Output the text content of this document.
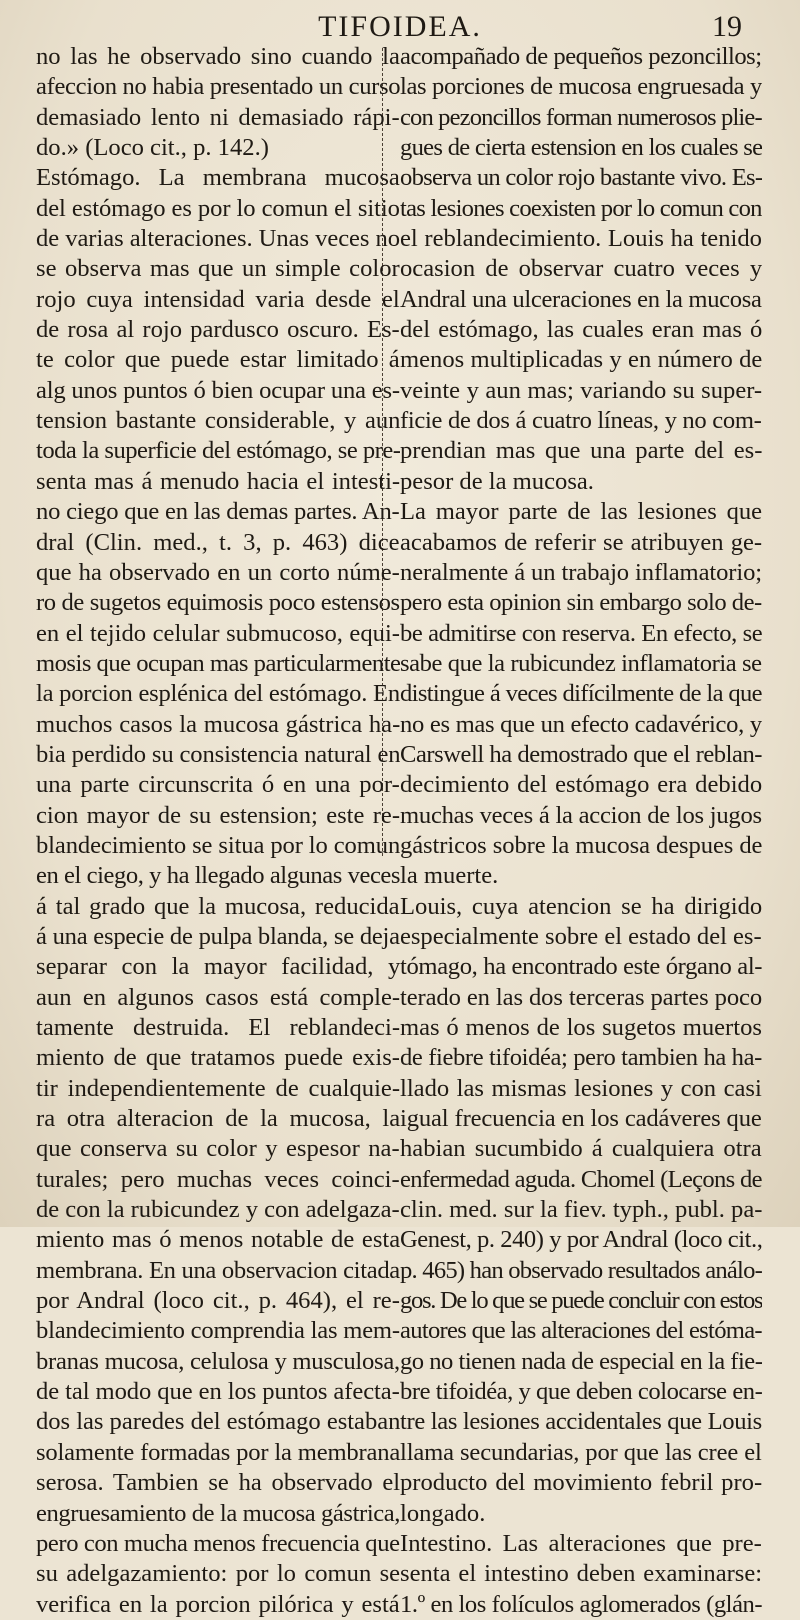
TIFOIDEA.	19
no las he observado sino cuando la
afeccion no habia presentado un curso
demasiado lento ni demasiado rápi-
do.» (Loco cit., p. 142.)
Estómago. La membrana mucosa
del estómago es por lo comun el sitio
de varias alteraciones. Unas veces no
se observa mas que un simple color
rojo cuya intensidad varia desde el
de rosa al rojo pardusco oscuro. Es-
te color que puede estar limitado á
alg unos puntos ó bien ocupar una es-
tension bastante considerable, y aun
toda la superficie del estómago, se pre-
senta mas á menudo hacia el intesti-
no ciego que en las demas partes. An-
dral (Clin. med., t. 3, p. 463) dice
que ha observado en un corto núme-
ro de sugetos equimosis poco estensos
en el tejido celular submucoso, equi-
mosis que ocupan mas particularmente
la porcion esplénica del estómago. En
muchos casos la mucosa gástrica ha-
bia perdido su consistencia natural en
una parte circunscrita ó en una por-
cion mayor de su estension; este re-
blandecimiento se situa por lo comun
en el ciego, y ha llegado algunas veces
á tal grado que la mucosa, reducida
á una especie de pulpa blanda, se deja
separar con la mayor facilidad, y
aun en algunos casos está comple-
tamente destruida. El reblandeci-
miento de que tratamos puede exis-
tir independientemente de cualquie-
ra otra alteracion de la mucosa, la
que conserva su color y espesor na-
turales; pero muchas veces coinci-
de con la rubicundez y con adelgaza-
miento mas ó menos notable de esta
membrana. En una observacion citada
por Andral (loco cit., p. 464), el re-
blandecimiento comprendia las mem-
branas mucosa, celulosa y musculosa,
de tal modo que en los puntos afecta-
dos las paredes del estómago estaban
solamente formadas por la membrana
serosa. Tambien se ha observado el
engruesamiento de la mucosa gástrica,
pero con mucha menos frecuencia que
su adelgazamiento: por lo comun se
verifica en la porcion pilórica y está
acompañado de pequeños pezoncillos;
las porciones de mucosa engruesada y
con pezoncillos forman numerosos plie-
gues de cierta estension en los cuales se
observa un color rojo bastante vivo. Es-
tas lesiones coexisten por lo comun con
el reblandecimiento. Louis ha tenido
ocasion de observar cuatro veces y
Andral una ulceraciones en la mucosa
del estómago, las cuales eran mas ó
menos multiplicadas y en número de
veinte y aun mas; variando su super-
ficie de dos á cuatro líneas, y no com-
prendian mas que una parte del es-
pesor de la mucosa.
La mayor parte de las lesiones que
acabamos de referir se atribuyen ge-
neralmente á un trabajo inflamatorio;
pero esta opinion sin embargo solo de-
be admitirse con reserva. En efecto, se
sabe que la rubicundez inflamatoria se
distingue á veces difícilmente de la que
no es mas que un efecto cadavérico, y
Carswell ha demostrado que el reblan-
decimiento del estómago era debido
muchas veces á la accion de los jugos
gástricos sobre la mucosa despues de
la muerte.
Louis, cuya atencion se ha dirigido
especialmente sobre el estado del es-
tómago, ha encontrado este órgano al-
terado en las dos terceras partes poco
mas ó menos de los sugetos muertos
de fiebre tifoidéa; pero tambien ha ha-
llado las mismas lesiones y con casi
igual frecuencia en los cadáveres que
habian sucumbido á cualquiera otra
enfermedad aguda. Chomel (Leçons de
clin. med. sur la fiev. typh., publ. pa-
Genest, p. 240) y por Andral (loco cit.,
p. 465) han observado resultados análo-
gos. De lo que se puede concluir con estos
autores que las alteraciones del estóma-
go no tienen nada de especial en la fie-
bre tifoidéa, y que deben colocarse en-
tre las lesiones accidentales que Louis
llama secundarias, por que las cree el
producto del movimiento febril pro-
longado.
Intestino. Las alteraciones que pre-
senta el intestino deben examinarse:
1.º en los folículos aglomerados (glán-
